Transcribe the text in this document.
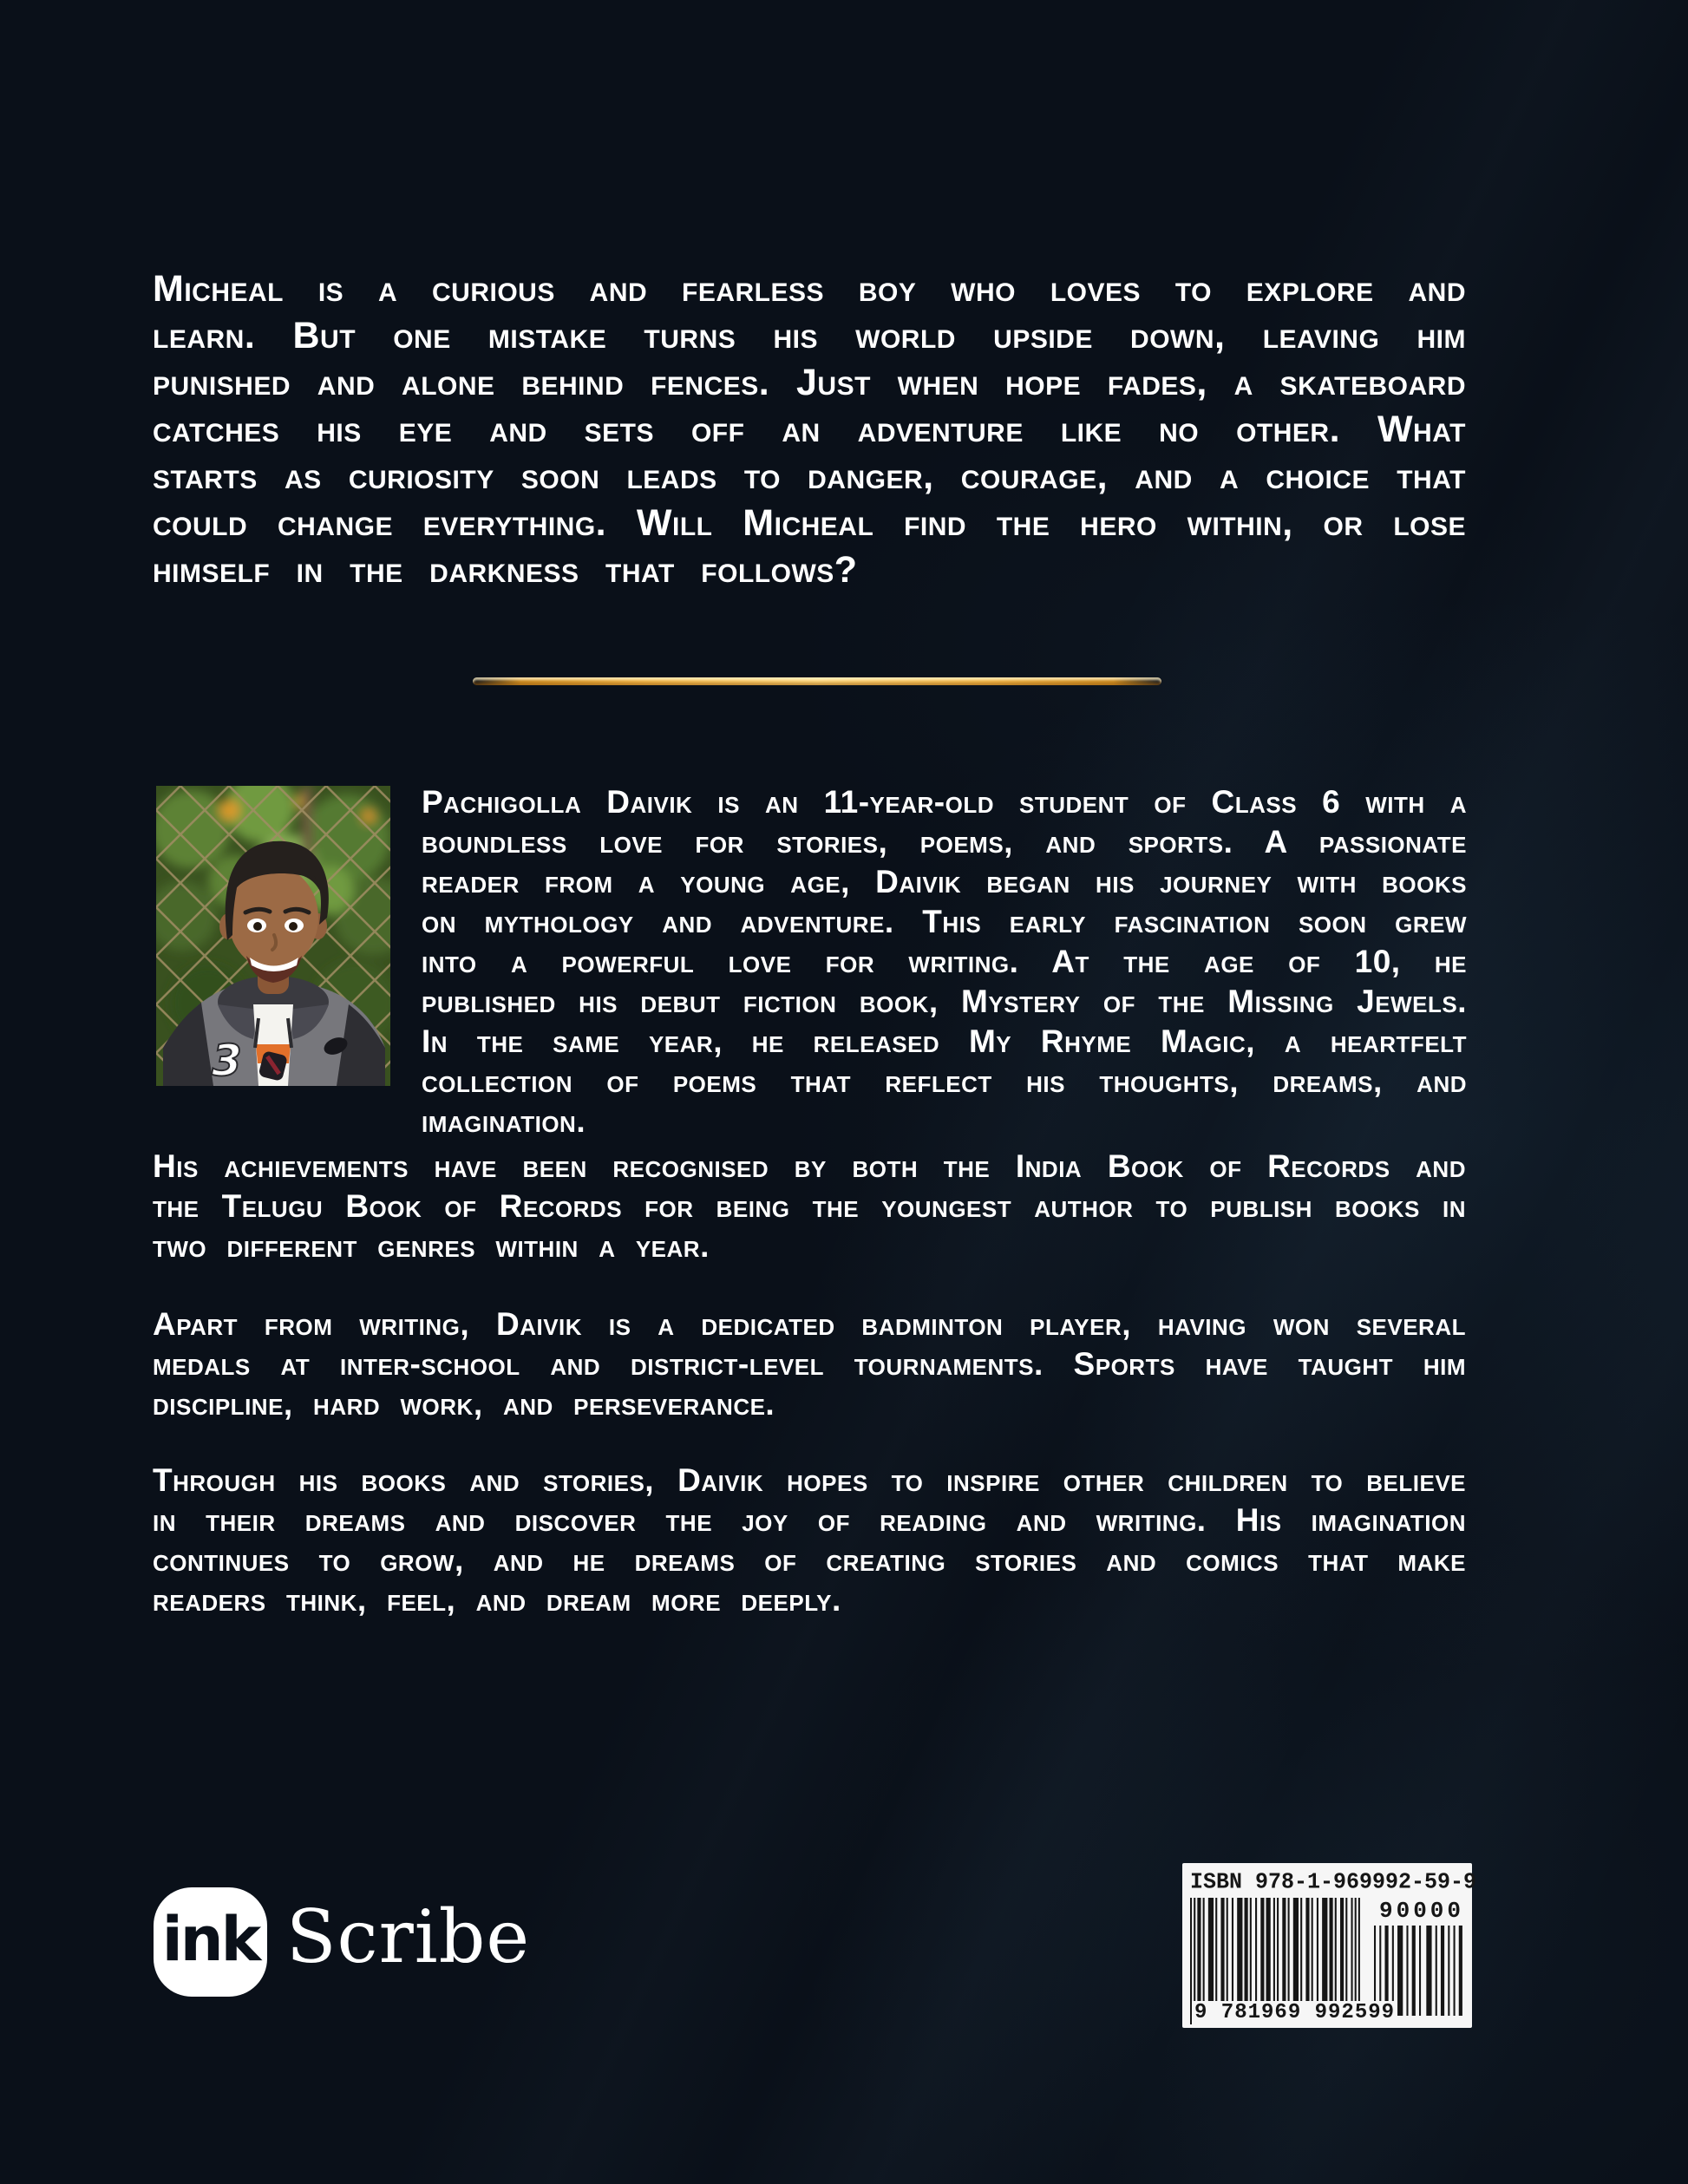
Micheal is a curious and fearless boy who loves to explore and learn. But one mistake turns his world upside down, leaving him punished and alone behind fences. Just when hope fades, a skateboard catches his eye and sets off an adventure like no other. What starts as curiosity soon leads to danger, courage, and a choice that could change everything. Will Micheal find the hero within, or lose himself in the darkness that follows?

3

Pachigolla Daivik is an 11-year-old student of Class 6 with a boundless love for stories, poems, and sports. A passionate reader from a young age, Daivik began his journey with books on mythology and adventure. This early fascination soon grew into a powerful love for writing. At the age of 10, he published his debut fiction book, Mystery of the Missing Jewels. In the same year, he released My Rhyme Magic, a heartfelt collection of poems that reflect his thoughts, dreams, and imagination.

His achievements have been recognised by both the India Book of Records and the Telugu Book of Records for being the youngest author to publish books in two different genres within a year.

Apart from writing, Daivik is a dedicated badminton player, having won several medals at inter-school and district-level tournaments. Sports have taught him discipline, hard work, and perseverance.

Through his books and stories, Daivik hopes to inspire other children to believe in their dreams and discover the joy of reading and writing. His imagination continues to grow, and he dreams of creating stories and comics that make readers think, feel, and dream more deeply.

ink Scribe
ISBN 978-1-969992-59-9
9 781969 992599
90000
